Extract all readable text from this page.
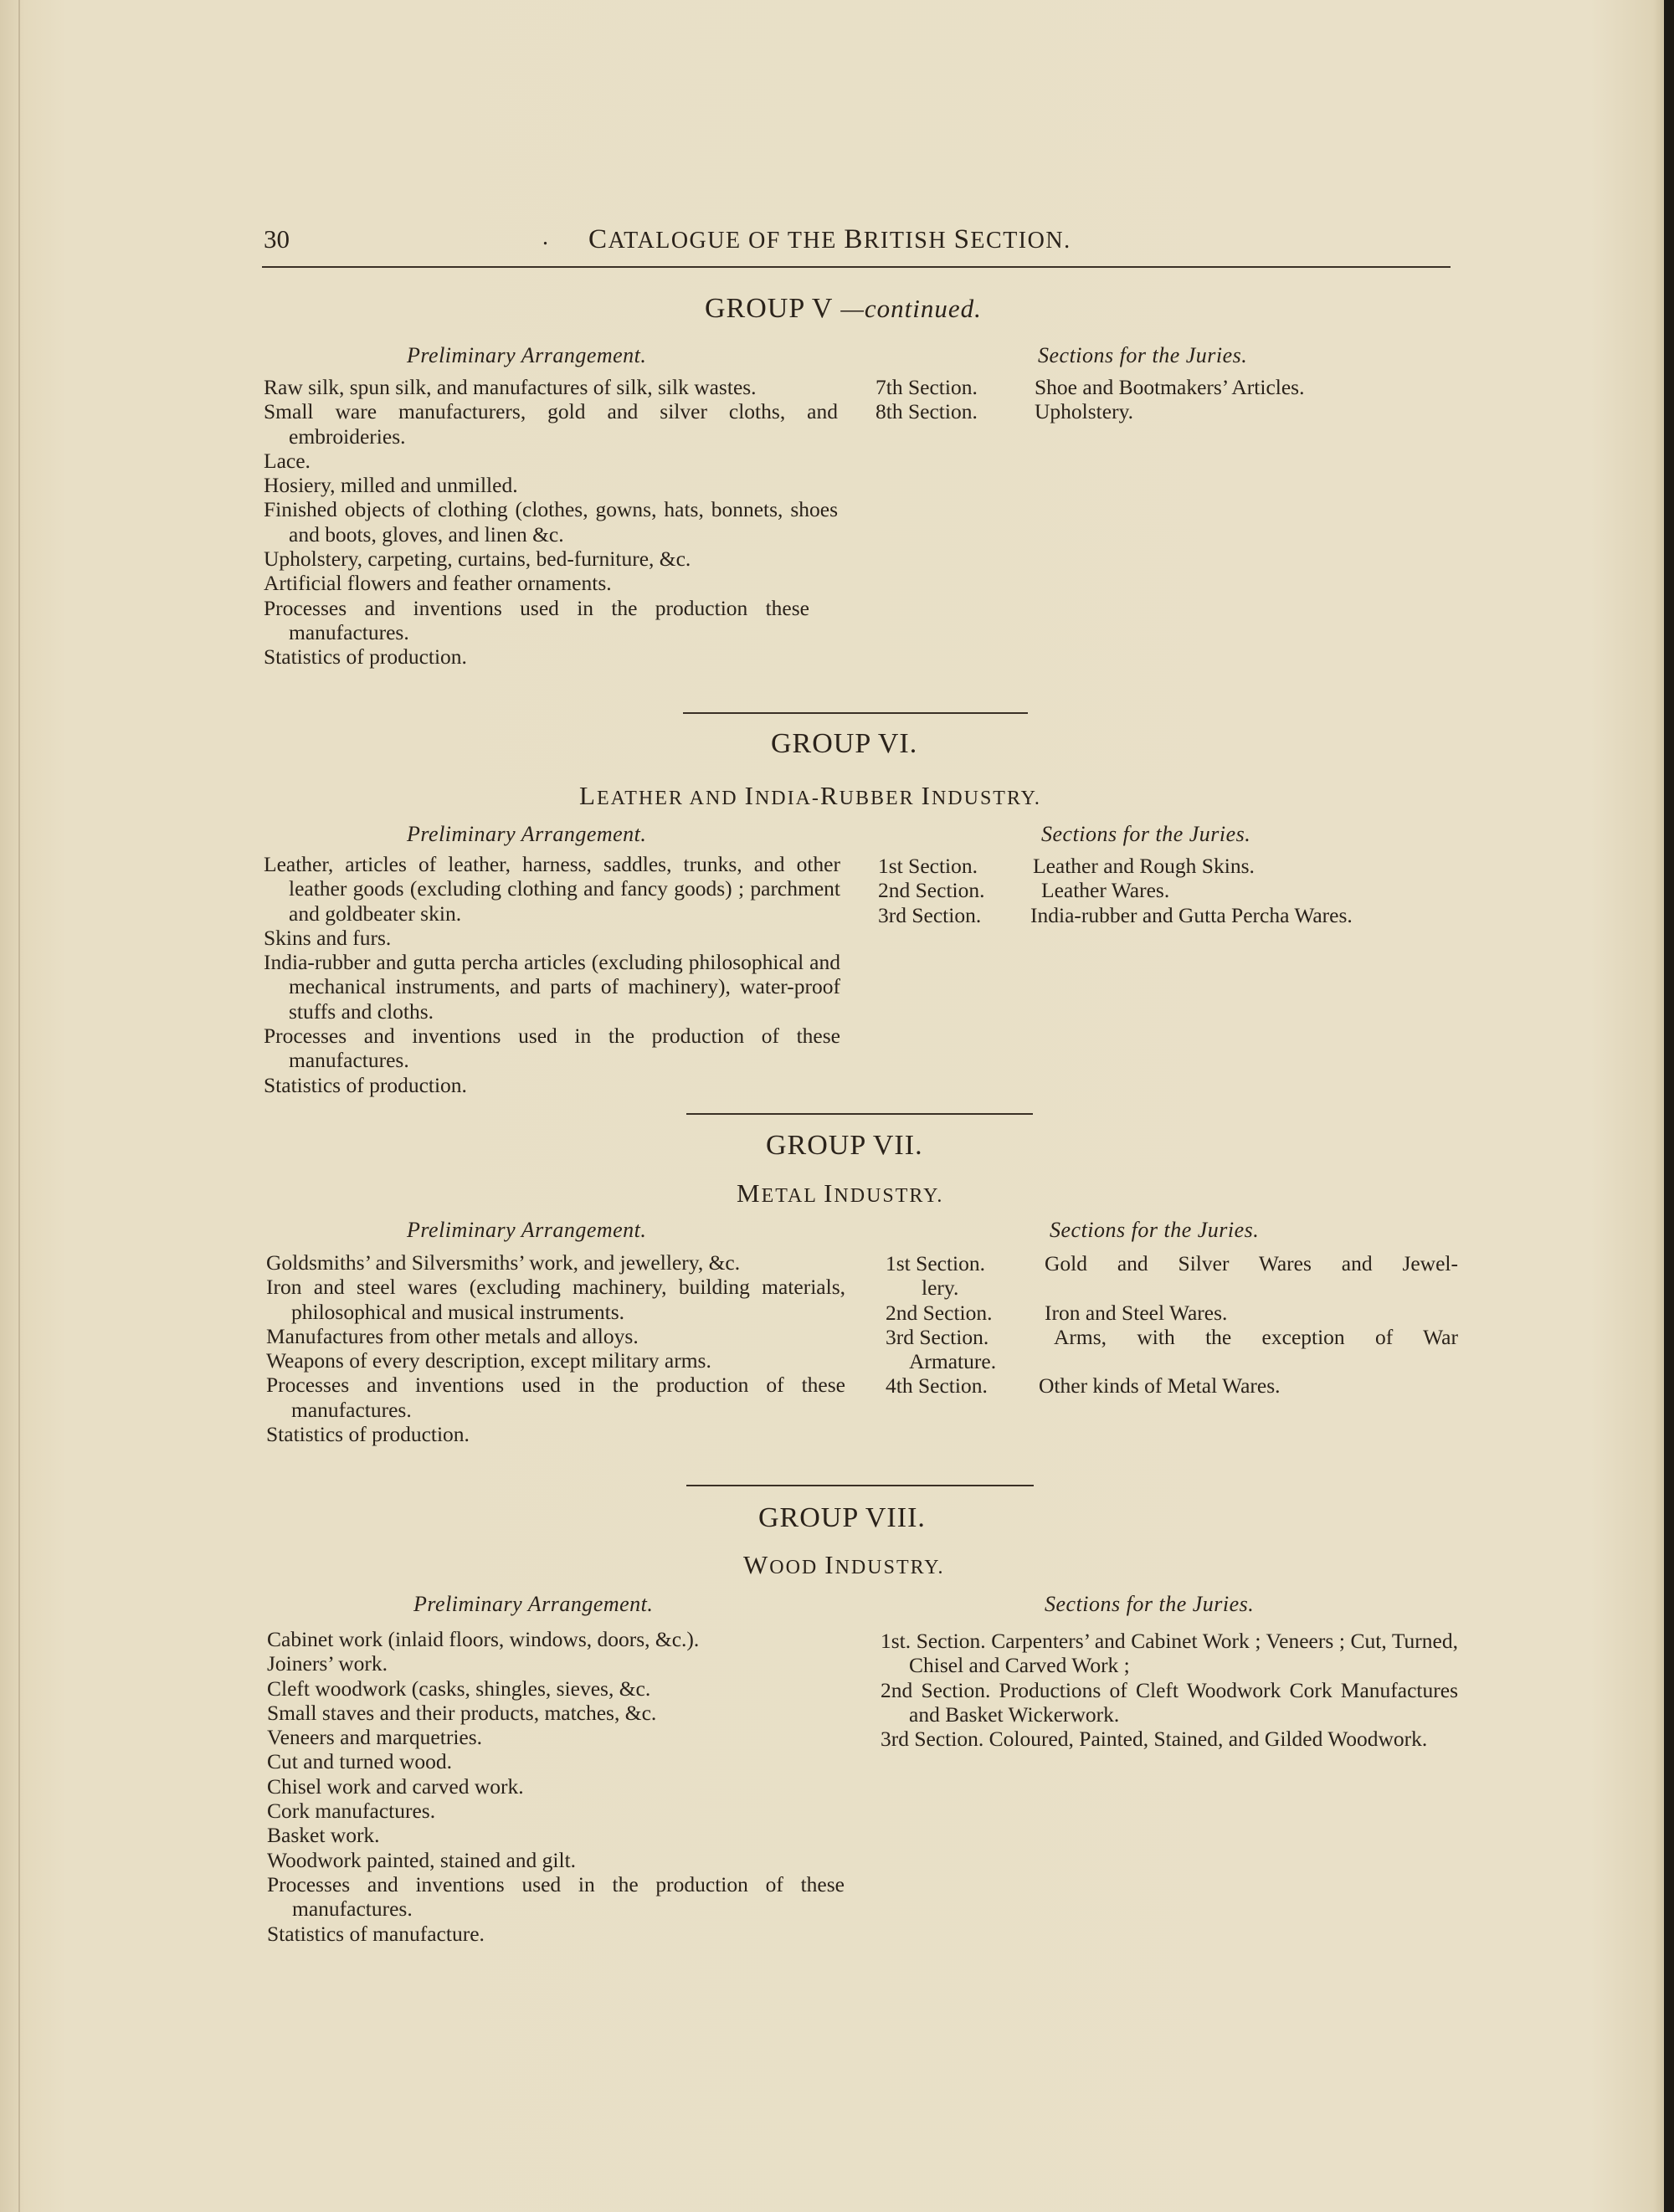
30	. CATALOGUE OF THE BRITISH SECTION.
GROUP V —continued.
Preliminary Arrangement.	Sections for the Juries.
Raw silk, spun silk, and manufactures of silk, silk wastes.
Small ware manufacturers, gold and silver cloths, and embroideries.
Lace.
Hosiery, milled and unmilled.
Finished objects of clothing (clothes, gowns, hats, bonnets, shoes and boots, gloves, and linen &c.
Upholstery, carpeting, curtains, bed-furniture, &c.
Artificial flowers and feather ornaments.
Processes and inventions used in the production these manufactures.
Statistics of production.
7th Section.	Shoe and Bootmakers’ Articles.
8th Section.	Upholstery.
GROUP VI.
LEATHER AND INDIA-RUBBER INDUSTRY.
Preliminary Arrangement.	Sections for the Juries.
Leather, articles of leather, harness, saddles, trunks, and other leather goods (excluding clothing and fancy goods) ; parchment and goldbeater skin.
Skins and furs.
India-rubber and gutta percha articles (excluding philosophical and mechanical instruments, and parts of machinery), water-proof stuffs and cloths.
Processes and inventions used in the production of these manufactures.
Statistics of production.
1st Section.	Leather and Rough Skins.
2nd Section.	Leather Wares.
3rd Section. India-rubber and Gutta Percha Wares.
GROUP VII.
METAL INDUSTRY.
Preliminary Arrangement.	Sections for the Juries.
Goldsmiths’ and Silversmiths’ work, and jewellery, &c.
Iron and steel wares (excluding machinery, building materials, philosophical and musical instruments.
Manufactures from other metals and alloys.
Weapons of every description, except military arms.
Processes and inventions used in the production of these manufactures.
Statistics of production.
1st Section.	Gold and Silver Wares and Jewel-
lery.
2nd Section. Iron and Steel Wares.
3rd Section.	Arms, with the exception of War
Armature.
4th Section. Other kinds of Metal Wares.
GROUP VIII.
WOOD INDUSTRY.
Preliminary Arrangement.	Sections for the Juries.
Cabinet work (inlaid floors, windows, doors, &c.).
Joiners’ work.
Cleft woodwork (casks, shingles, sieves, &c.
Small staves and their products, matches, &c.
Veneers and marquetries.
Cut and turned wood.
Chisel work and carved work.
Cork manufactures.
Basket work.
Woodwork painted, stained and gilt.
Processes and inventions used in the production of these manufactures.
Statistics of manufacture.
1st. Section. Carpenters’ and Cabinet Work ; Veneers ; Cut, Turned, Chisel and Carved Work ;
2nd Section. Productions of Cleft Woodwork Cork Manufactures and Basket Wickerwork.
3rd Section. Coloured, Painted, Stained, and Gilded Woodwork.
